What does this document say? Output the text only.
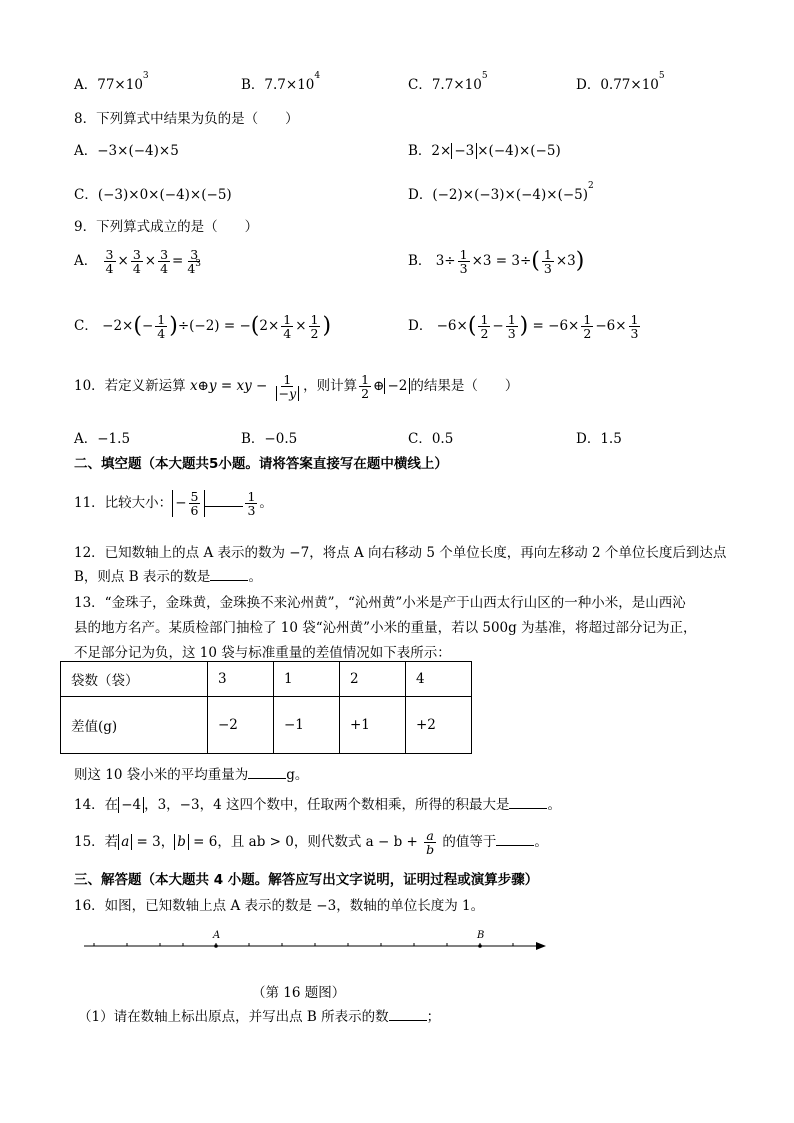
A．$77\times 10^3$
B．$7.7\times 10^4$
C．$7.7\times 10^5$
D．$0.77\times 10^5$
8．下列算式中结果为负的是（　　）
A．−3×(−4)×5	B．2× −3 ×(−4)×(−5)
C．(−3)×0×(−4)×(−5)	D．$(-2)\times(-3)\times(-4)\times(-5)^2$
9．下列算式成立的是（　　）
A． $\frac{3}{4} \times \frac{3}{4} \times \frac{3}{4} = \frac{3}{4^3}$	B． $3\div \frac{1}{3} \times 3 = 3\div( \frac{1}{3} \times 3)$
C． $-2\times(- \frac{1}{4} )\div(-2) = -(2\times \frac{1}{4} \times \frac{1}{2}$ )	D． $-6\times( \frac{1}{2} - \frac{1}{3}$ ) = $-6\times \frac{1}{2} -6\times \frac{1}{3}$
10．若定义新运算 x⊕y = xy − $\frac{1}{-y}$ ，则计算 $\frac{1}{2}$ ⊕ −2 的结果是（　　）
A．−1.5	B．−0.5	C．0.5	D．1.5
二、填空题（本大题共5小题。请将答案直接写在题中横线上）
11．比较大小： − $\frac{5}{6}$	$\frac{1}{3}$ 。
12．已知数轴上的点 A 表示的数为 −7，将点 A 向右移动 5 个单位长度，再向左移动 2 个单位长度后到达点
B，则点 B 表示的数是	。
13．“金珠子，金珠黄，金珠换不来沁州黄”，“沁州黄”小米是产于山西太行山区的一种小米，是山西沁
县的地方名产。某质检部门抽检了 10 袋“沁州黄”小米的重量，若以 500g 为基准，将超过部分记为正，
不足部分记为负，这 10 袋与标准重量的差值情况如下表所示：
袋数（袋）	3	1	2	4
差值(g)	−2	−1	+1	+2
则这 10 袋小米的平均重量为	g。
14．在 −4 ，3，−3，4 这四个数中，任取两个数相乘，所得的积最大是	。
15．若 a = 3， b = 6，且 ab > 0，则代数式 $a - b + \frac{a}{b}$ 的值等于	。
三、解答题（本大题共 4 小题。解答应写出文字说明，证明过程或演算步骤）
16．如图，已知数轴上点 A 表示的数是 −3，数轴的单位长度为 1。
A	B
（第 16 题图）
（1）请在数轴上标出原点，并写出点 B 所表示的数	；
